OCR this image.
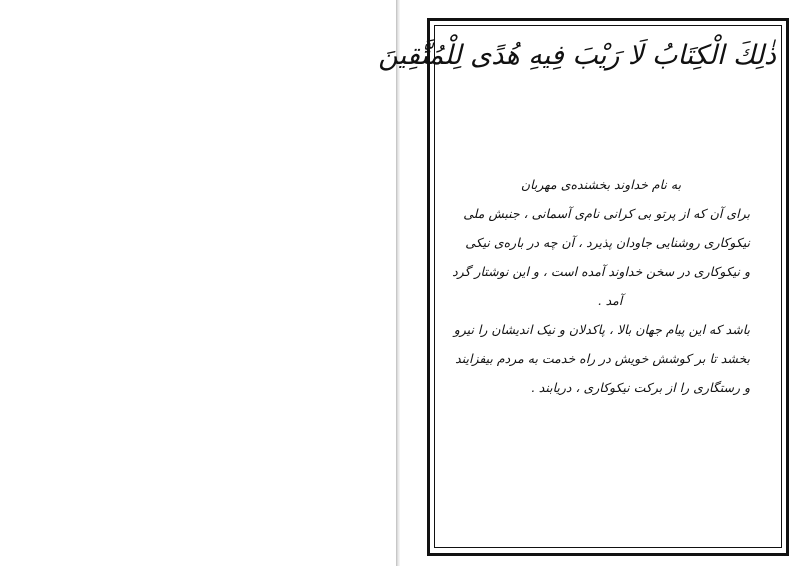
ذٰلِكَ الْكِتَابُ لَا رَيْبَ فِيهِ هُدًى لِلْمُتَّقِينَ
به نام خداوند بخشنده‌ی مهربان
برای آن که از پرتو بی کرانی نام‌ی آسمانی ، جنبش ملی
نیکوکاری روشنایی جاودان پذیرد ، آن چه در باره‌ی نیکی
و نیکوکاری در سخن خداوند آمده است ، و این نوشتار گرد
آمد .
باشد که این پیام جهان بالا ، پاکدلان و نیک اندیشان را نیرو
بخشد تا بر کوشش خویش در راه خدمت به مردم بیفزایند
و رستگاری را از برکت نیکوکاری ، دریابند .
